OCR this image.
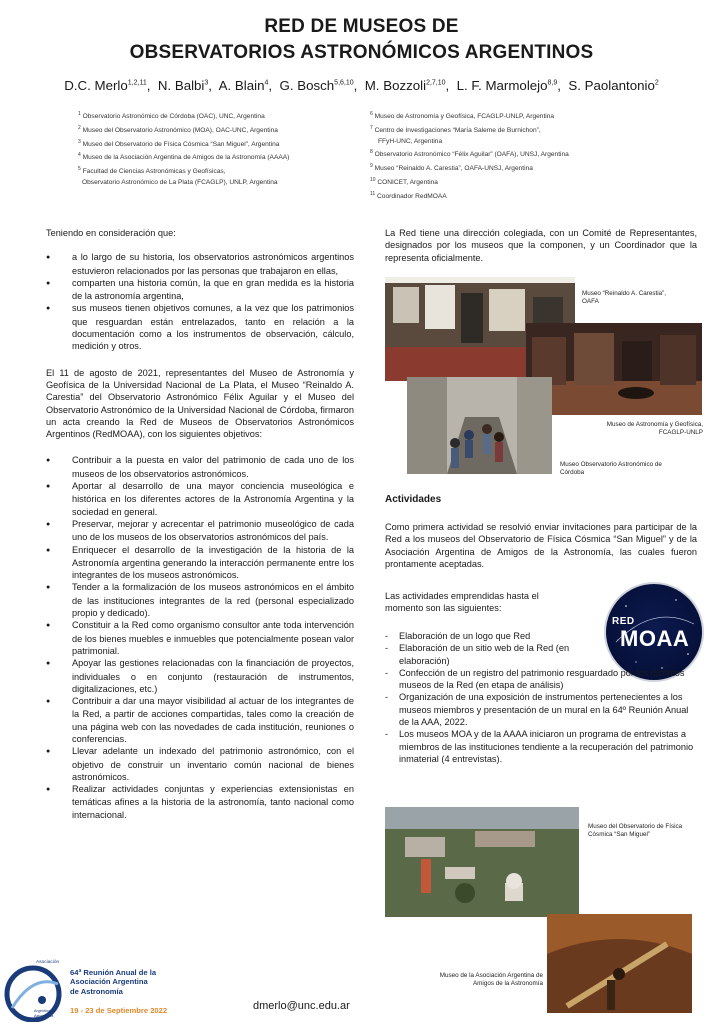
RED DE MUSEOS DE
OBSERVATORIOS ASTRONÓMICOS ARGENTINOS
D.C. Merlo$^{1,2,11}$,  N. Balbi$^3$,  A. Blain$^4$,  G. Bosch$^{5,6,10}$,  M. Bozzoli$^{2,7,10}$,  L. F. Marmolejo$^{8,9}$,  S. Paolantonio$^2$
$^1$ Observatorio Astronómico de Córdoba (OAC), UNC, Argentina
$^2$ Museo del Observatorio Astronómico (MOA), OAC-UNC, Argentina
$^3$ Museo del Observatorio de Física Cósmica “San Miguel”, Argentina
$^4$ Museo de la Asociación Argentina de Amigos de la Astronomía (AAAA)
$^5$ Facultad de Ciencias Astronómicas y Geofísicas,
Observatorio Astronómico de La Plata (FCAGLP), UNLP, Argentina
$^6$ Museo de Astronomía y Geofísica, FCAGLP-UNLP, Argentina
$^7$ Centro de Investigaciones “María Saleme de Burnichon”,
FFyH-UNC, Argentina
$^8$ Observatorio Astronómico “Félix Aguilar” (OAFA), UNSJ, Argentina
$^9$ Museo “Reinaldo A. Carestia”, OAFA-UNSJ, Argentina
$^{10}$ CONICET, Argentina
$^{11}$ Coordinador RedMOAA

Teniendo en consideración que:

● a lo largo de su historia, los observatorios astronómicos argentinos estuvieron relacionados por las personas que trabajaron en ellas,

● comparten una historia común, la que en gran medida es la historia de la astronomía argentina,

● sus museos tienen objetivos comunes, a la vez que los patrimonios que resguardan están entrelazados, tanto en relación a la documentación como a los instrumentos de observación, cálculo, medición y otros.

El 11 de agosto de 2021, representantes del Museo de Astronomía y Geofísica de la Universidad Nacional de La Plata, el Museo “Reinaldo A. Carestia” del Observatorio Astronómico Félix Aguilar y el Museo del Observatorio Astronómico de la Universidad Nacional de Córdoba, firmaron un acta creando la Red de Museos de Observatorios Astronómicos Argentinos (RedMOAA), con los siguientes objetivos:

● Contribuir a la puesta en valor del patrimonio de cada uno de los museos de los observatorios astronómicos.

● Aportar al desarrollo de una mayor conciencia museológica e histórica en los diferentes actores de la Astronomía Argentina y la sociedad en general.

● Preservar, mejorar y acrecentar el patrimonio museológico de cada uno de los museos de los observatorios astronómicos del país.

● Enriquecer el desarrollo de la investigación de la historia de la Astronomía argentina generando la interacción permanente entre los integrantes de los museos astronómicos.

● Tender a la formalización de los museos astronómicos en el ámbito de las instituciones integrantes de la red (personal especializado propio y dedicado).

● Constituir a la Red como organismo consultor ante toda intervención de los bienes muebles e inmuebles que potencialmente posean valor patrimonial.

● Apoyar las gestiones relacionadas con la financiación de proyectos, individuales o en conjunto (restauración de instrumentos, digitalizaciones, etc.)

● Contribuir a dar una mayor visibilidad al actuar de los integrantes de la Red, a partir de acciones compartidas, tales como la creación de una página web con las novedades de cada institución, reuniones o conferencias.

● Llevar adelante un indexado del patrimonio astronómico, con el objetivo de construir un inventario común nacional de bienes astronómicos.

● Realizar actividades conjuntas y experiencias extensionistas en temáticas afines a la historia de la astronomía, tanto nacional como internacional.

La Red tiene una dirección colegiada, con un Comité de Representantes, designados por los museos que la componen, y un Coordinador que la representa oficialmente.
Museo “Reinaldo A. Carestia”, OAFA
Museo de Astronomía y Geofísica, FCAGLP-UNLP
Museo Observatorio Astronómico de Córdoba
Actividades
Como primera actividad se resolvió enviar invitaciones para participar de la Red a los museos del Observatorio de Física Cósmica “San Miguel” y de la Asociación Argentina de Amigos de la Astronomía, las cuales fueron prontamente aceptadas.
Las actividades emprendidas hasta el momento son las siguientes:
RED
MOAA

- Elaboración de un logo que Red

- Elaboración de un sitio web de la Red (en elaboración)

- Confección de un registro del patrimonio resguardado por los distintos museos de la Red (en etapa de análisis)

- Organización de una exposición de instrumentos pertenecientes a los museos miembros y presentación de un mural en la 64º Reunión Anual de la AAA, 2022.

- Los museos MOA y de la AAAA iniciaron un programa de entrevistas a miembros de las instituciones tendiente a la recuperación del patrimonio inmaterial (4 entrevistas).

Museo del Observatorio de Física Cósmica “San Miguel”
Museo de la Asociación Argentina de Amigos de la Astronomía
Asociación
Argentina de Astronomía
64ª Reunión Anual de la
Asociación Argentina
de Astronomía
19 - 23 de Septiembre 2022	dmerlo@unc.edu.ar
